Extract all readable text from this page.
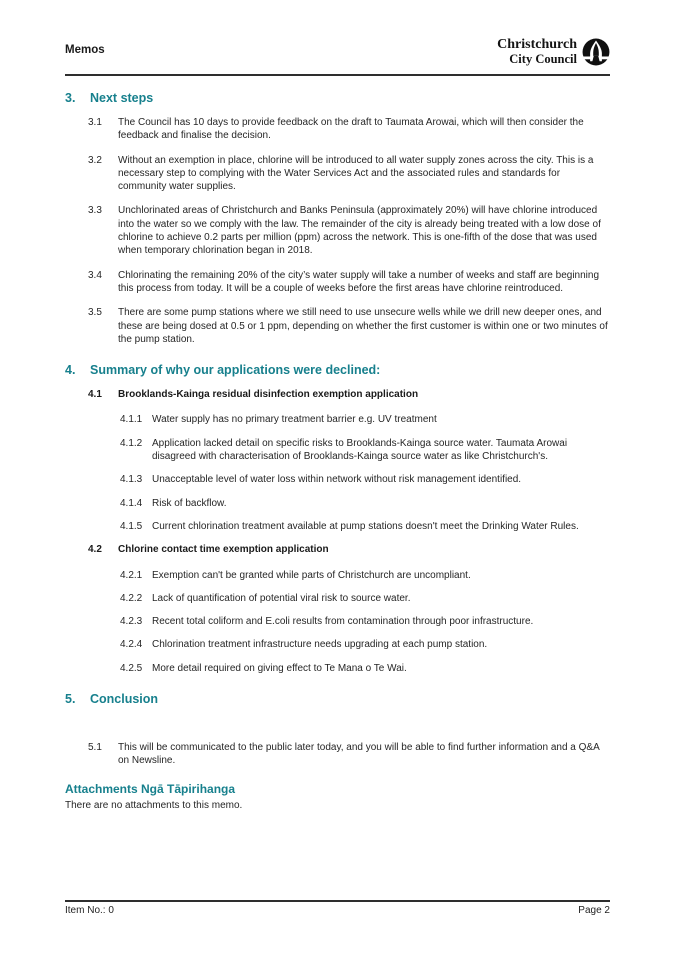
Memos	Christchurch
City Council
3.	Next steps
3.1	The Council has 10 days to provide feedback on the draft to Taumata Arowai, which will then consider the feedback and finalise the decision.
3.2	Without an exemption in place, chlorine will be introduced to all water supply zones across the city. This is a necessary step to complying with the Water Services Act and the associated rules and standards for community water supplies.
3.3	Unchlorinated areas of Christchurch and Banks Peninsula (approximately 20%) will have chlorine introduced into the water so we comply with the law. The remainder of the city is already being treated with a low dose of chlorine to achieve 0.2 parts per million (ppm) across the network. This is one-fifth of the dose that was used when temporary chlorination began in 2018.
3.4	Chlorinating the remaining 20% of the city’s water supply will take a number of weeks and staff are beginning this process from today. It will be a couple of weeks before the first areas have chlorine reintroduced.
3.5	There are some pump stations where we still need to use unsecure wells while we drill new deeper ones, and these are being dosed at 0.5 or 1 ppm, depending on whether the first customer is within one or two minutes of the pump station.
4.	Summary of why our applications were declined:
4.1	Brooklands-Kainga residual disinfection exemption application
4.1.1 Water supply has no primary treatment barrier e.g. UV treatment
4.1.2 Application lacked detail on specific risks to Brooklands-Kainga source water. Taumata Arowai disagreed with characterisation of Brooklands-Kainga source water as like Christchurch's.
4.1.3 Unacceptable level of water loss within network without risk management identified.
4.1.4 Risk of backflow.
4.1.5 Current chlorination treatment available at pump stations doesn't meet the Drinking Water Rules.
4.2	Chlorine contact time exemption application
4.2.1 Exemption can't be granted while parts of Christchurch are uncompliant.
4.2.2 Lack of quantification of potential viral risk to source water.
4.2.3 Recent total coliform and E.coli results from contamination through poor infrastructure.
4.2.4 Chlorination treatment infrastructure needs upgrading at each pump station.
4.2.5 More detail required on giving effect to Te Mana o Te Wai.
5.	Conclusion
5.1	This will be communicated to the public later today, and you will be able to find further information and a Q&A on Newsline.
Attachments Ngā Tāpirihanga
There are no attachments to this memo.
Item No.: 0	Page 2
